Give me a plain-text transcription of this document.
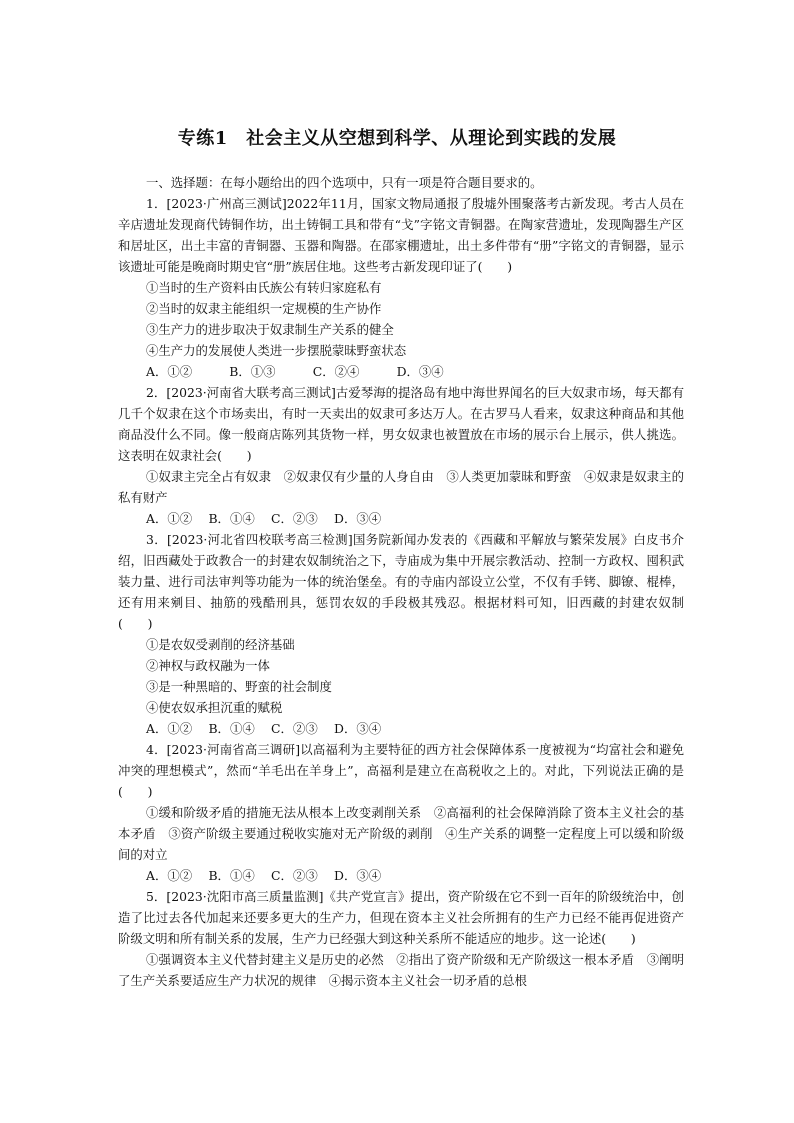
专练1　社会主义从空想到科学、从理论到实践的发展

一、选择题：在每小题给出的四个选项中，只有一项是符合题目要求的。

1．[2023·广州高三测试]2022年11月，国家文物局通报了殷墟外围聚落考古新发现。考古人员在辛店遗址发现商代铸铜作坊，出土铸铜工具和带有“戈”字铭文青铜器。在陶家营遗址，发现陶器生产区和居址区，出土丰富的青铜器、玉器和陶器。在邵家棚遗址，出土多件带有“册”字铭文的青铜器，显示该遗址可能是晚商时期史官“册”族居住地。这些考古新发现印证了(　　)

①当时的生产资料由氏族公有转归家庭私有

②当时的奴隶主能组织一定规模的生产协作

③生产力的进步取决于奴隶制生产关系的健全

④生产力的发展使人类进一步摆脱蒙昧野蛮状态

A．①②　　　B．①③　　　C．②④　　　D．③④

2．[2023·河南省大联考高三测试]古爱琴海的提洛岛有地中海世界闻名的巨大奴隶市场，每天都有几千个奴隶在这个市场卖出，有时一天卖出的奴隶可多达万人。在古罗马人看来，奴隶这种商品和其他商品没什么不同。像一般商店陈列其货物一样，男女奴隶也被置放在市场的展示台上展示，供人挑选。这表明在奴隶社会(　　)

①奴隶主完全占有奴隶　②奴隶仅有少量的人身自由　③人类更加蒙昧和野蛮　④奴隶是奴隶主的私有财产

A．①②　 B．①④　 C．②③　 D．③④

3．[2023·河北省四校联考高三检测]国务院新闻办发表的《西藏和平解放与繁荣发展》白皮书介绍，旧西藏处于政教合一的封建农奴制统治之下，寺庙成为集中开展宗教活动、控制一方政权、囤积武装力量、进行司法审判等功能为一体的统治堡垒。有的寺庙内部设立公堂，不仅有手铐、脚镣、棍棒，还有用来剜目、抽筋的残酷刑具，惩罚农奴的手段极其残忍。根据材料可知，旧西藏的封建农奴制(　　)

①是农奴受剥削的经济基础

②神权与政权融为一体

③是一种黑暗的、野蛮的社会制度

④使农奴承担沉重的赋税

A．①②　 B．①④　 C．②③　 D．③④

4．[2023·河南省高三调研]以高福利为主要特征的西方社会保障体系一度被视为“均富社会和避免冲突的理想模式”，然而“羊毛出在羊身上”，高福利是建立在高税收之上的。对此，下列说法正确的是(　　)

①缓和阶级矛盾的措施无法从根本上改变剥削关系　②高福利的社会保障消除了资本主义社会的基本矛盾　③资产阶级主要通过税收实施对无产阶级的剥削　④生产关系的调整一定程度上可以缓和阶级间的对立

A．①②　 B．①④　 C．②③　 D．③④

5．[2023·沈阳市高三质量监测]《共产党宣言》提出，资产阶级在它不到一百年的阶级统治中，创造了比过去各代加起来还要多更大的生产力，但现在资本主义社会所拥有的生产力已经不能再促进资产阶级文明和所有制关系的发展，生产力已经强大到这种关系所不能适应的地步。这一论述(　　)

①强调资本主义代替封建主义是历史的必然　②指出了资产阶级和无产阶级这一根本矛盾　③阐明了生产关系要适应生产力状况的规律　④揭示资本主义社会一切矛盾的总根
